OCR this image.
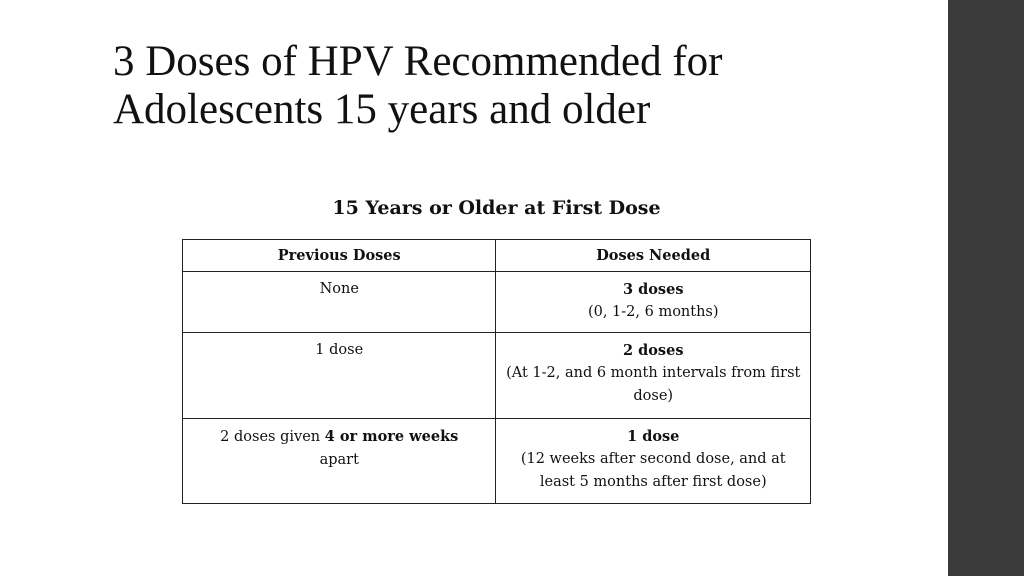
3 Doses of HPV Recommended for
Adolescents 15 years and older
15 Years or Older at First Dose
Previous Doses	Doses Needed
None	3 doses
(0, 1-2, 6 months)

1 dose	2 doses
(At 1-2, and 6 month intervals from first dose)

2 doses given 4 or more weeks
apart	1 dose
(12 weeks after second dose, and at least 5 months after first dose)
